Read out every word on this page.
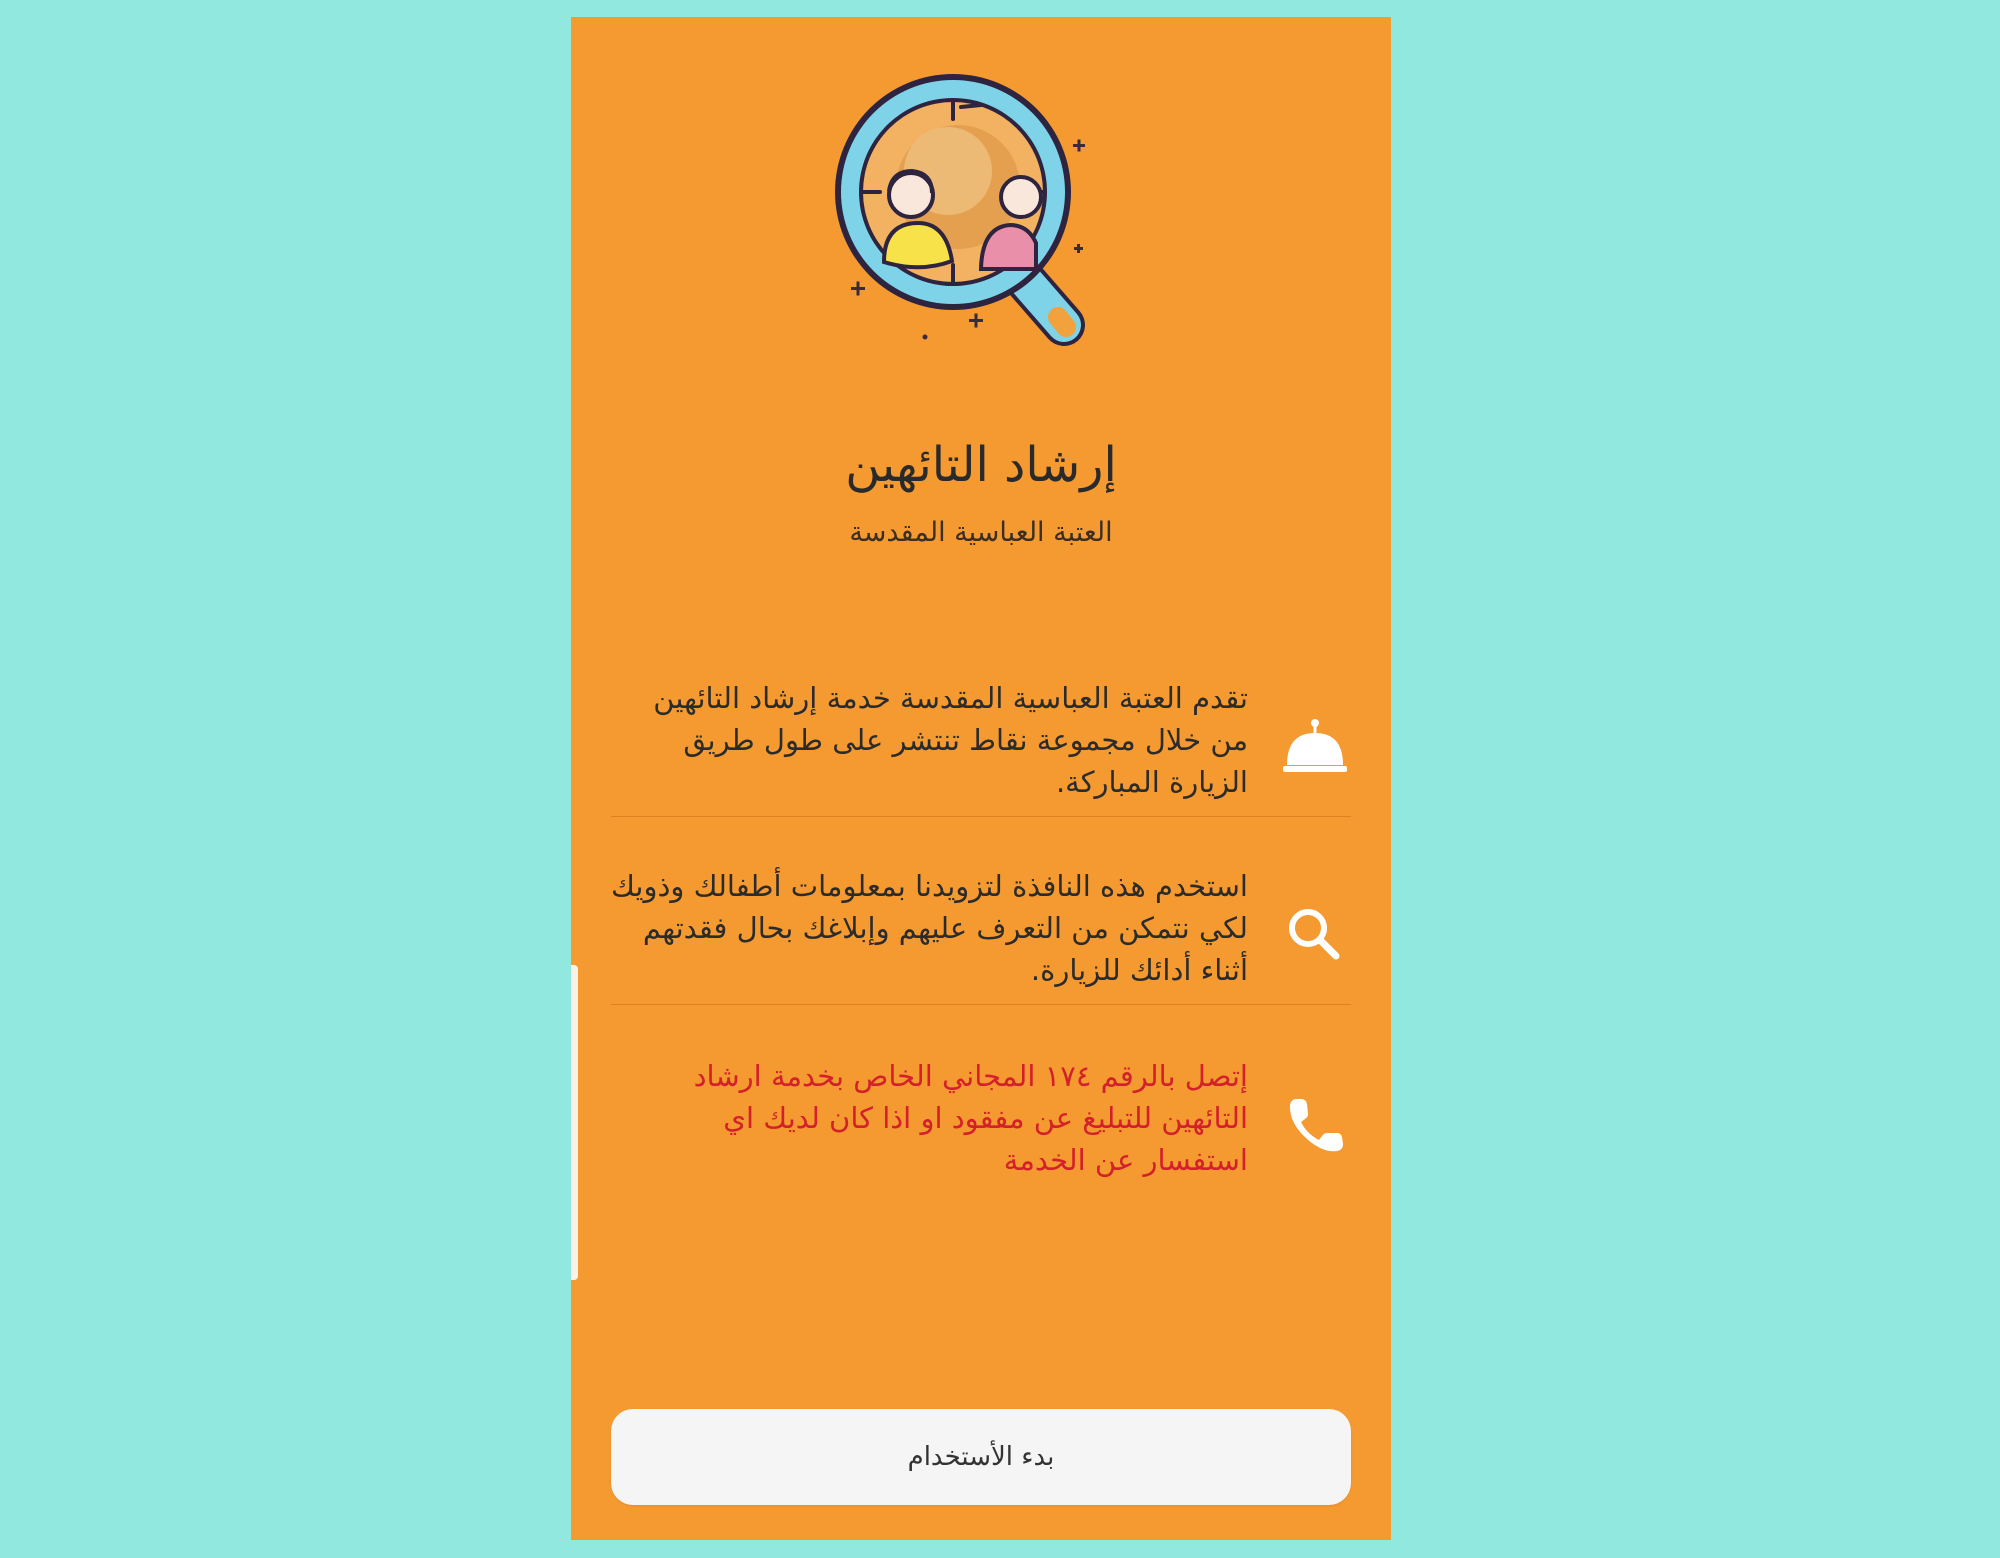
إرشاد التائهين
العتبة العباسية المقدسة
تقدم العتبة العباسية المقدسة خدمة إرشاد التائهين من خلال مجموعة نقاط تنتشر على طول طريق الزيارة المباركة.
استخدم هذه النافذة لتزويدنا بمعلومات أطفالك وذويك لكي نتمكن من التعرف عليهم وإبلاغك بحال فقدتهم أثناء أدائك للزيارة.
إتصل بالرقم ١٧٤ المجاني الخاص بخدمة ارشاد التائهين للتبليغ عن مفقود او اذا كان لديك اي استفسار عن الخدمة
بدء الأستخدام
